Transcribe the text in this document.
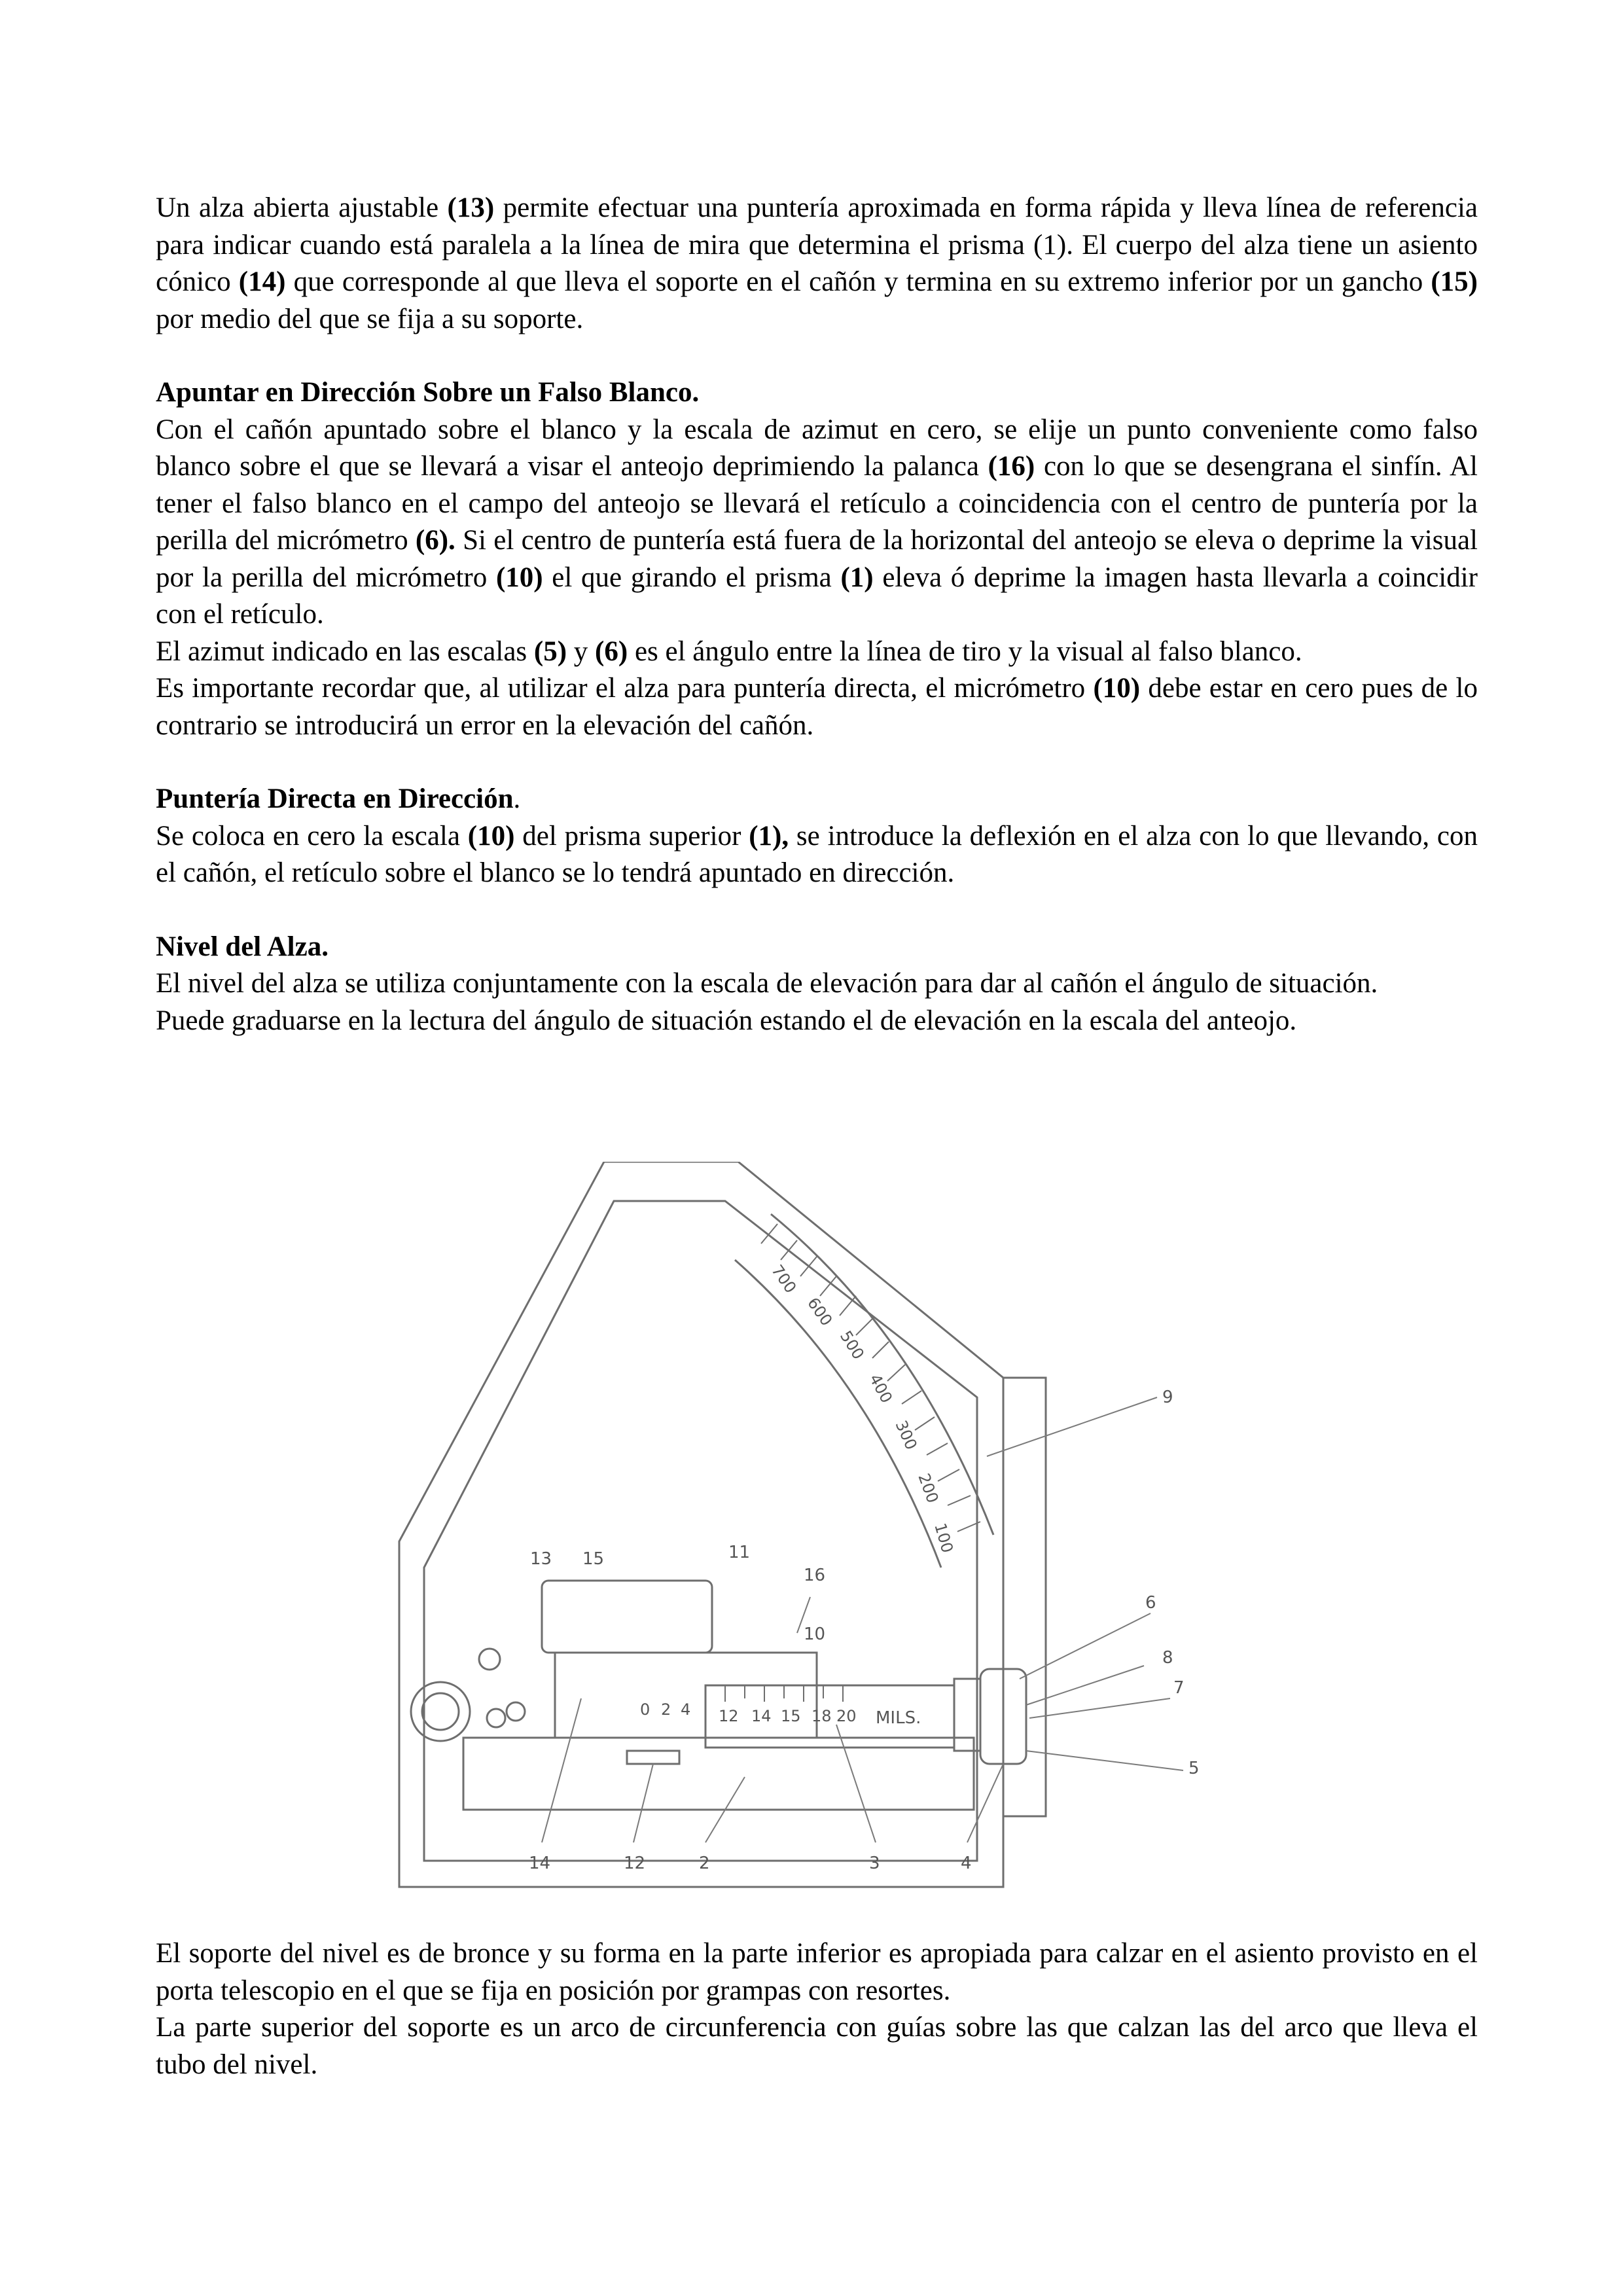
Un alza abierta ajustable (13) permite efectuar una puntería aproximada en forma rápida y lleva línea de referencia para indicar cuando está paralela a la línea de mira que determina el prisma (1). El cuerpo del alza tiene un asiento cónico (14) que corresponde al que lleva el soporte en el cañón y termina en su extremo inferior por un gancho (15) por medio del que se fija a su soporte.

Apuntar en Dirección Sobre un Falso Blanco.

Con el cañón apuntado sobre el blanco y la escala de azimut en cero, se elije un punto conveniente como falso blanco sobre el que se llevará a visar el anteojo deprimiendo la palanca (16) con lo que se desengrana el sinfín. Al tener el falso blanco en el campo del anteojo se llevará el retículo a coincidencia con el centro de puntería por la perilla del micrómetro (6). Si el centro de puntería está fuera de la horizontal del anteojo se eleva o deprime la visual por la perilla del micrómetro (10) el que girando el prisma (1) eleva ó deprime la imagen hasta llevarla a coincidir con el retículo.

El azimut indicado en las escalas (5) y (6) es el ángulo entre la línea de tiro y la visual al falso blanco.

Es importante recordar que, al utilizar el alza para puntería directa, el micrómetro (10) debe estar en cero pues de lo contrario se introducirá un error en la elevación del cañón.

Puntería Directa en Dirección.

Se coloca en cero la escala (10) del prisma superior (1), se introduce la deflexión en el alza con lo que llevando, con el cañón, el retículo sobre el blanco se lo tendrá apuntado en dirección.

Nivel del Alza.

El nivel del alza se utiliza conjuntamente con la escala de elevación para dar al cañón el ángulo de situación.

Puede graduarse en la lectura del ángulo de situación estando el de elevación en la escala del anteojo.

13 15	11
16
10
9
6
8
7
5
4
3
2
12
14
700
600
500
400
300
200
100
12 14 15 18 20 MILS.
0 2 4

El soporte del nivel es de bronce y su forma en la parte inferior es apropiada para calzar en el asiento provisto en el porta telescopio en el que se fija en posición por grampas con resortes.

La parte superior del soporte es un arco de circunferencia con guías sobre las que calzan las del arco que lleva el tubo del nivel.
